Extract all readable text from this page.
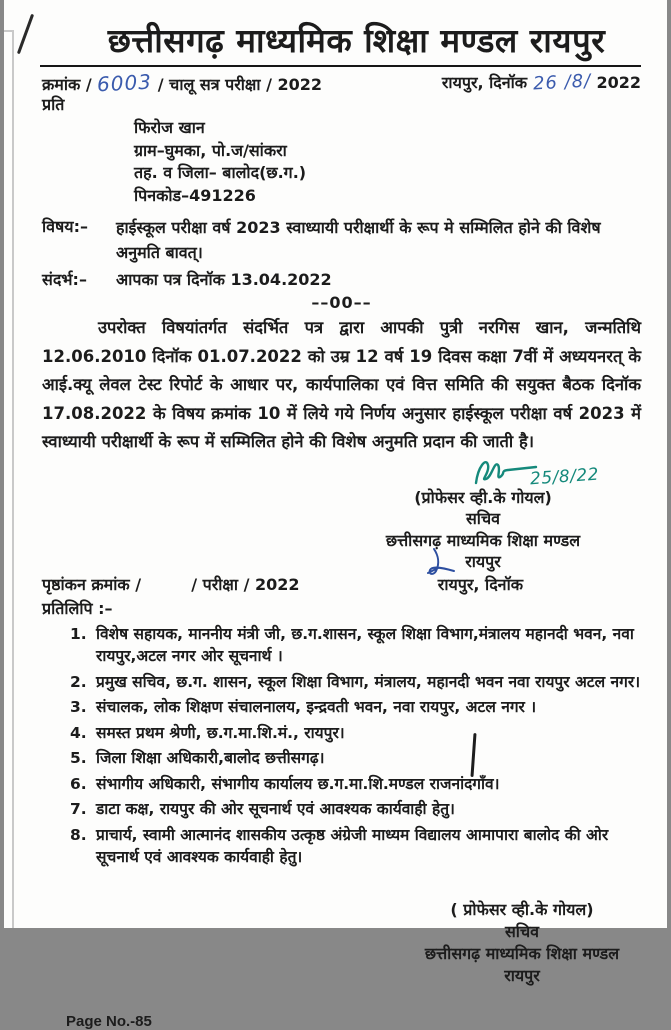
छत्तीसगढ़ माध्यमिक शिक्षा मण्डल रायपुर
क्रमांक / 6003 / चालू सत्र परीक्षा / 2022	रायपुर, दिनॉक 26 /8/ 2022
प्रति
फिरोज खान
ग्राम–घुमका, पो.ज/सांकरा
तह. व जिला– बालोद(छ.ग.)
पिनकोड–491226
विषय:–	हाईस्कूल परीक्षा वर्ष 2023 स्वाध्यायी परीक्षार्थी के रूप मे सम्मिलित होने की विशेष अनुमति बावत्।
संदर्भ:–	आपका पत्र दिनॉक 13.04.2022
––00––

उपरोक्त विषयांतर्गत संदर्भित पत्र द्वारा आपकी पुत्री नरगिस खान, जन्मतिथि 12.06.2010 दिनॉक 01.07.2022 को उम्र 12 वर्ष 19 दिवस कक्षा 7वीं में अध्ययनरत् के आई.क्यू लेवल टेस्ट रिपोर्ट के आधार पर, कार्यपालिका एवं वित्त समिति की सयुक्त बैठक दिनॉक 17.08.2022 के विषय क्रमांक 10 में लिये गये निर्णय अनुसार हाईस्कूल परीक्षा वर्ष 2023 में स्वाध्यायी परीक्षार्थी के रूप में सम्मिलित होने की विशेष अनुमति प्रदान की जाती है।

25/8/22
(प्रोफेसर व्ही.के गोयल)
सचिव
छत्तीसगढ़ माध्यमिक शिक्षा मण्डल
रायपुर
पृष्ठांकन क्रमांक /         / परीक्षा / 2022	रायपुर, दिनॉक
प्रतिलिपि :–
1. विशेष सहायक, माननीय मंत्री जी, छ.ग.शासन, स्कूल शिक्षा विभाग,मंत्रालय महानदी भवन, नवा रायपुर,अटल नगर ओर सूचनार्थ ।
2. प्रमुख सचिव, छ.ग. शासन, स्कूल शिक्षा विभाग, मंत्रालय, महानदी भवन नवा रायपुर अटल नगर।
3. संचालक, लोक शिक्षण संचालनालय, इन्द्रवती भवन, नवा रायपुर, अटल नगर ।
4. समस्त प्रथम श्रेणी, छ.ग.मा.शि.मं., रायपुर।
5. जिला शिक्षा अधिकारी,बालोद छत्तीसगढ़।
6. संभागीय अधिकारी, संभागीय कार्यालय छ.ग.मा.शि.मण्डल राजनांदगाँव।
7. डाटा कक्ष, रायपुर की ओर सूचनार्थ एवं आवश्यक कार्यवाही हेतु।
8. प्राचार्य, स्वामी आत्मानंद शासकीय उत्कृष्ठ अंग्रेजी माध्यम विद्यालय आमापारा बालोद की ओर सूचनार्थ एवं आवश्यक कार्यवाही हेतु।
( प्रोफेसर व्ही.के गोयल)
सचिव
छत्तीसगढ़ माध्यमिक शिक्षा मण्डल
रायपुर
Page No.-85
